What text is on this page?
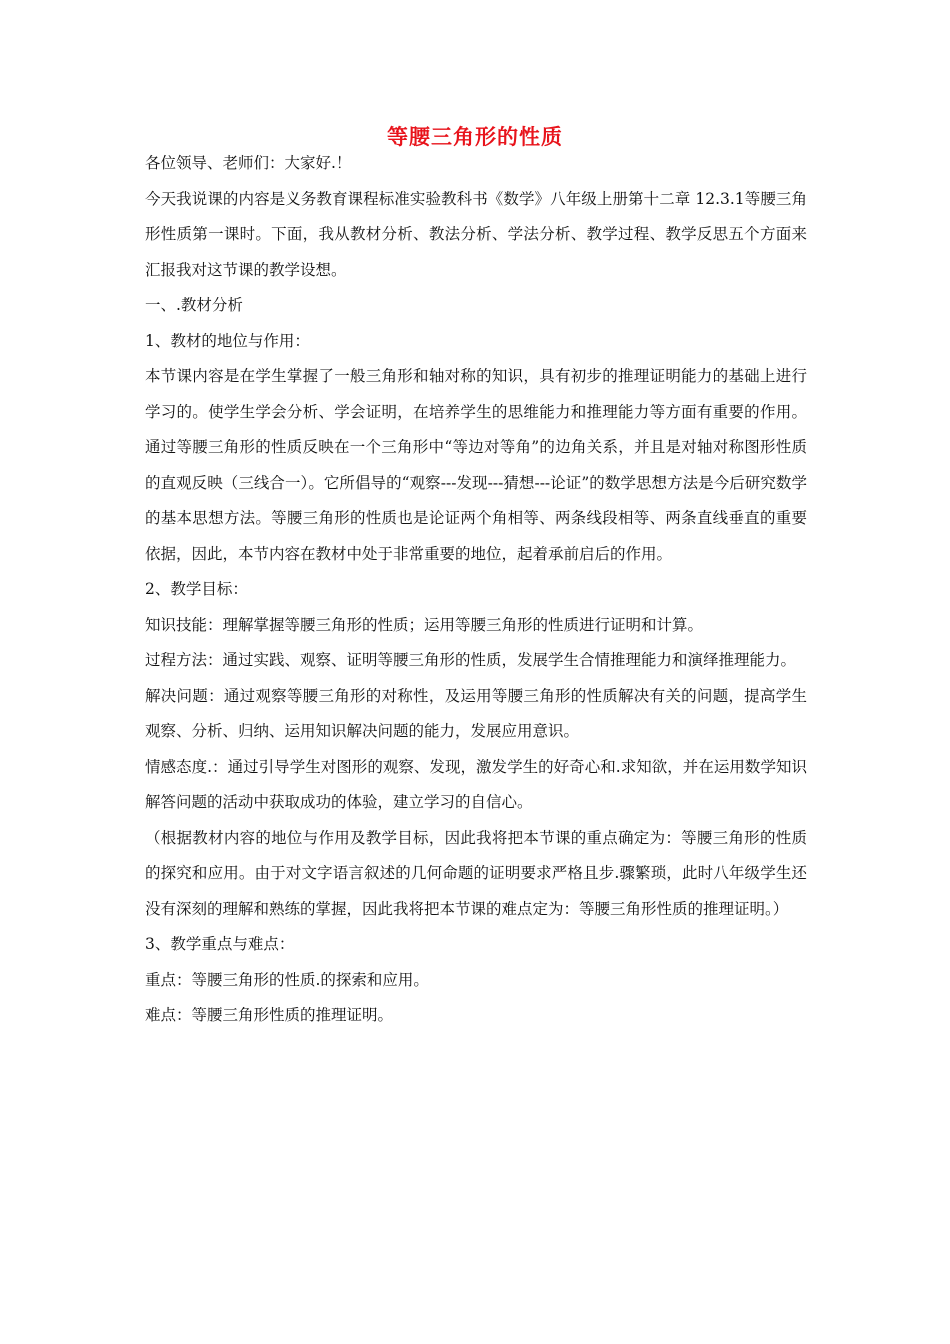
等腰三角形的性质

各位领导、老师们：大家好.！

今天我说课的内容是义务教育课程标准实验教科书《数学》八年级上册第十二章 12.3.1等腰三角形性质第一课时。下面，我从教材分析、教法分析、学法分析、教学过程、教学反思五个方面来汇报我对这节课的教学设想。

一、.教材分析

1、教材的地位与作用：

本节课内容是在学生掌握了一般三角形和轴对称的知识，具有初步的推理证明能力的基础上进行学习的。使学生学会分析、学会证明，在培养学生的思维能力和推理能力等方面有重要的作用。通过等腰三角形的性质反映在一个三角形中“等边对等角”的边角关系，并且是对轴对称图形性质的直观反映（三线合一）。它所倡导的“观察---发现---猜想---论证”的数学思想方法是今后研究数学的基本思想方法。等腰三角形的性质也是论证两个角相等、两条线段相等、两条直线垂直的重要依据，因此，本节内容在教材中处于非常重要的地位，起着承前启后的作用。

2、教学目标：

知识技能：理解掌握等腰三角形的性质；运用等腰三角形的性质进行证明和计算。

过程方法：通过实践、观察、证明等腰三角形的性质，发展学生合情推理能力和演绎推理能力。

解决问题：通过观察等腰三角形的对称性，及运用等腰三角形的性质解决有关的问题，提高学生观察、分析、归纳、运用知识解决问题的能力，发展应用意识。

情感态度.：通过引导学生对图形的观察、发现，激发学生的好奇心和.求知欲，并在运用数学知识解答问题的活动中获取成功的体验，建立学习的自信心。

（根据教材内容的地位与作用及教学目标，因此我将把本节课的重点确定为：等腰三角形的性质的探究和应用。由于对文字语言叙述的几何命题的证明要求严格且步.骤繁琐，此时八年级学生还没有深刻的理解和熟练的掌握，因此我将把本节课的难点定为：等腰三角形性质的推理证明。）

3、教学重点与难点：

重点：等腰三角形的性质.的探索和应用。

难点：等腰三角形性质的推理证明。
